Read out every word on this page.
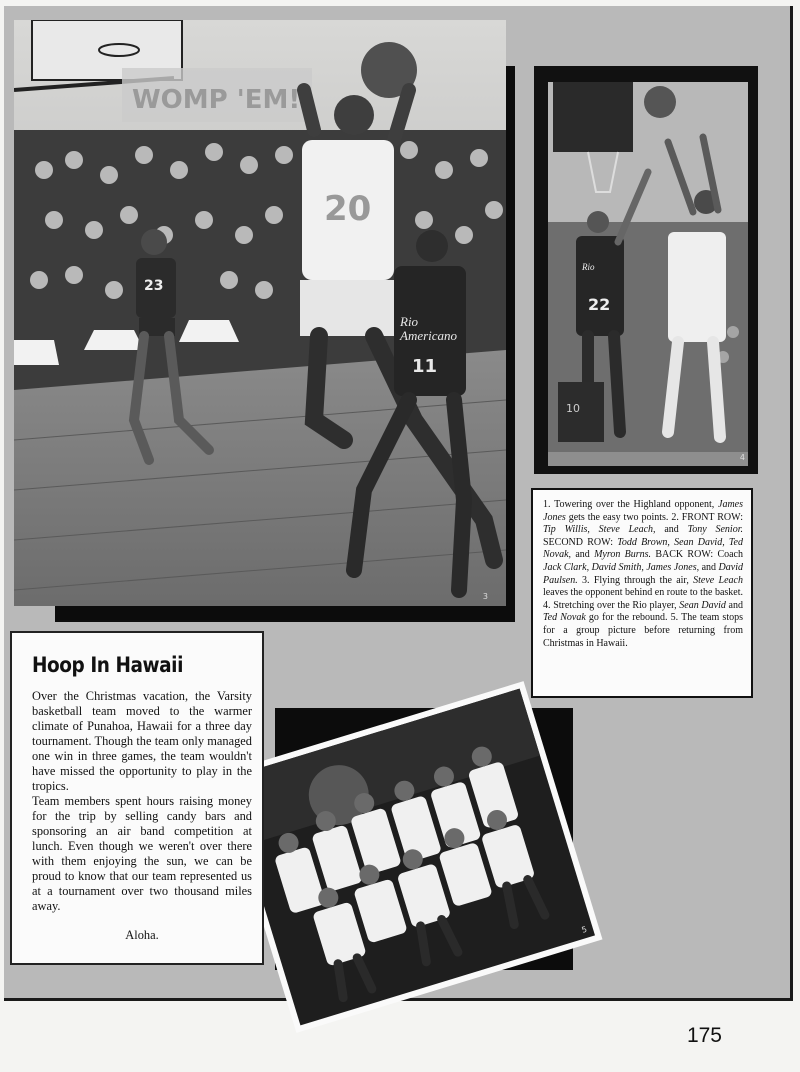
WOMP 'EM!
23
20
Rio Americano
11
3
Rio
22
10
4
1. Towering over the Highland opponent, James Jones gets the easy two points. 2. FRONT ROW: Tip Willis, Steve Leach, and Tony Senior. SECOND ROW: Todd Brown, Sean David, Ted Novak, and Myron Burns. BACK ROW: Coach Jack Clark, David Smith, James Jones, and David Paulsen. 3. Flying through the air, Steve Leach leaves the opponent behind en route to the basket. 4. Stretching over the Rio player, Sean David and Ted Novak go for the rebound. 5. The team stops for a group picture before returning from Christmas in Hawaii.
5
Hoop In Hawaii

Over the Christmas vacation, the Varsity basketball team moved to the warmer climate of Punahoa, Hawaii for a three day tournament. Though the team only managed one win in three games, the team wouldn't have missed the opportunity to play in the tropics.

Team members spent hours raising money for the trip by selling candy bars and sponsoring an air band competition at lunch. Even though we weren't over there with them enjoying the sun, we can be proud to know that our team represented us at a tournament over two thousand miles away.

Aloha.
175
